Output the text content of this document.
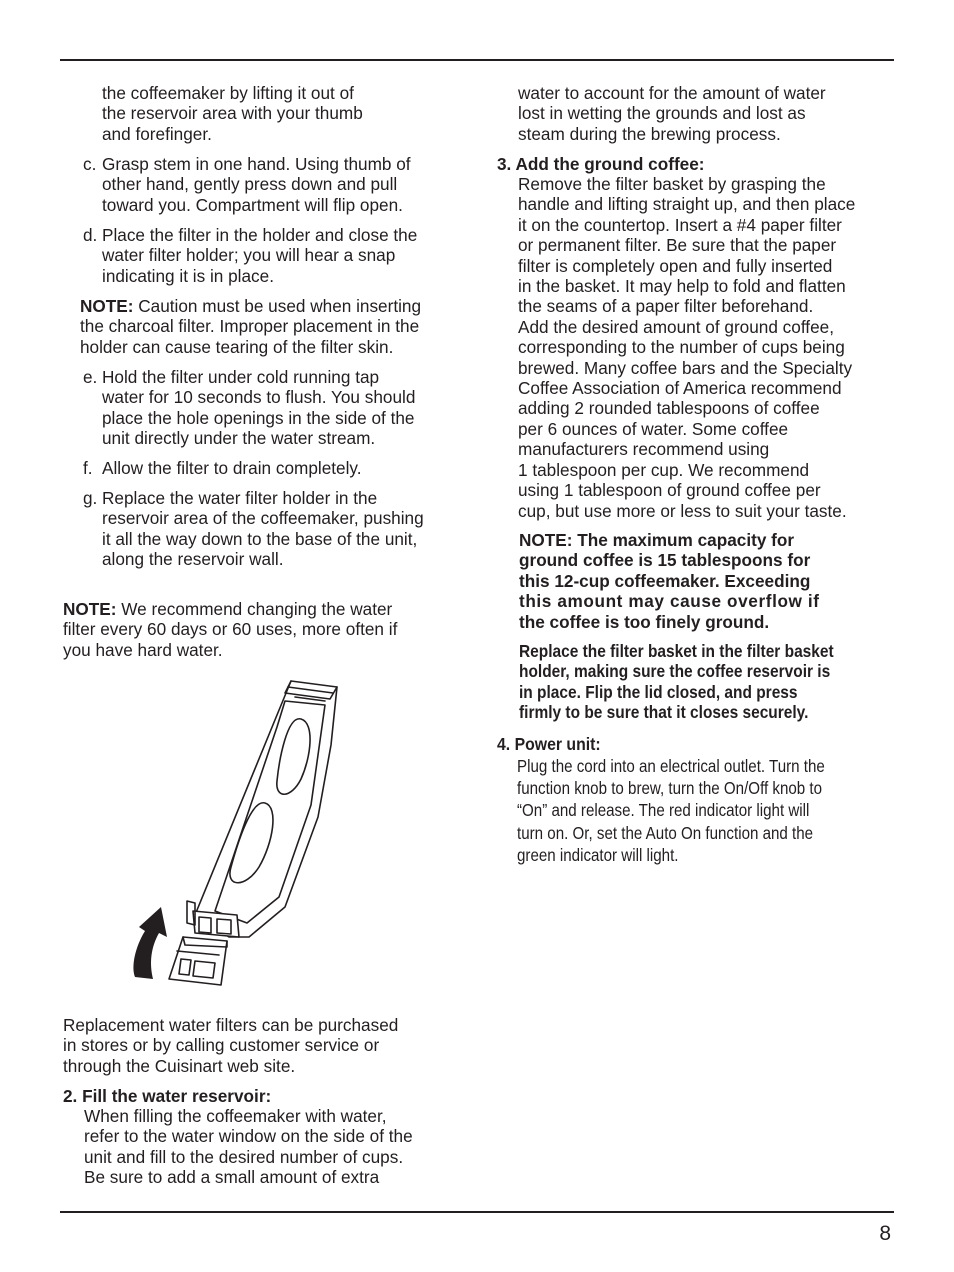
the coffeemaker by lifting it out of
the reservoir area with your thumb
and forefinger.
c. Grasp stem in one hand. Using thumb of
other hand, gently press down and pull
toward you. Compartment will flip open.
d. Place the filter in the holder and close the
water filter holder; you will hear a snap
indicating it is in place.
NOTE: Caution must be used when inserting
the charcoal filter. Improper placement in the
holder can cause tearing of the filter skin.
e. Hold the filter under cold running tap
water for 10 seconds to flush. You should
place the hole openings in the side of the
unit directly under the water stream.
f. Allow the filter to drain completely.
g. Replace the water filter holder in the
reservoir area of the coffeemaker, pushing
it all the way down to the base of the unit,
along the reservoir wall.
NOTE: We recommend changing the water
filter every 60 days or 60 uses, more often if
you have hard water.
Replacement water filters can be purchased
in stores or by calling customer service or
through the Cuisinart web site.
2. Fill the water reservoir:
When filling the coffeemaker with water,
refer to the water window on the side of the
unit and fill to the desired number of cups.
Be sure to add a small amount of extra
water to account for the amount of water
lost in wetting the grounds and lost as
steam during the brewing process.
3. Add the ground coffee:
Remove the filter basket by grasping the
handle and lifting straight up, and then place
it on the countertop. Insert a #4 paper filter
or permanent filter. Be sure that the paper
filter is completely open and fully inserted
in the basket. It may help to fold and flatten
the seams of a paper filter beforehand.
Add the desired amount of ground coffee,
corresponding to the number of cups being
brewed. Many coffee bars and the Specialty
Coffee Association of America recommend
adding 2 rounded tablespoons of coffee
per 6 ounces of water. Some coffee
manufacturers recommend using
1 tablespoon per cup. We recommend
using 1 tablespoon of ground coffee per
cup, but use more or less to suit your taste.
NOTE: The maximum capacity for
ground coffee is 15 tablespoons for
this 12-cup coffeemaker. Exceeding
this amount may cause overflow if
the coffee is too finely ground.
Replace the filter basket in the filter basket
holder, making sure the coffee reservoir is
in place. Flip the lid closed, and press
firmly to be sure that it closes securely.
4. Power unit:
Plug the cord into an electrical outlet. Turn the
function knob to brew, turn the On/Off knob to
“On” and release. The red indicator light will
turn on. Or, set the Auto On function and the
green indicator will light.
8
